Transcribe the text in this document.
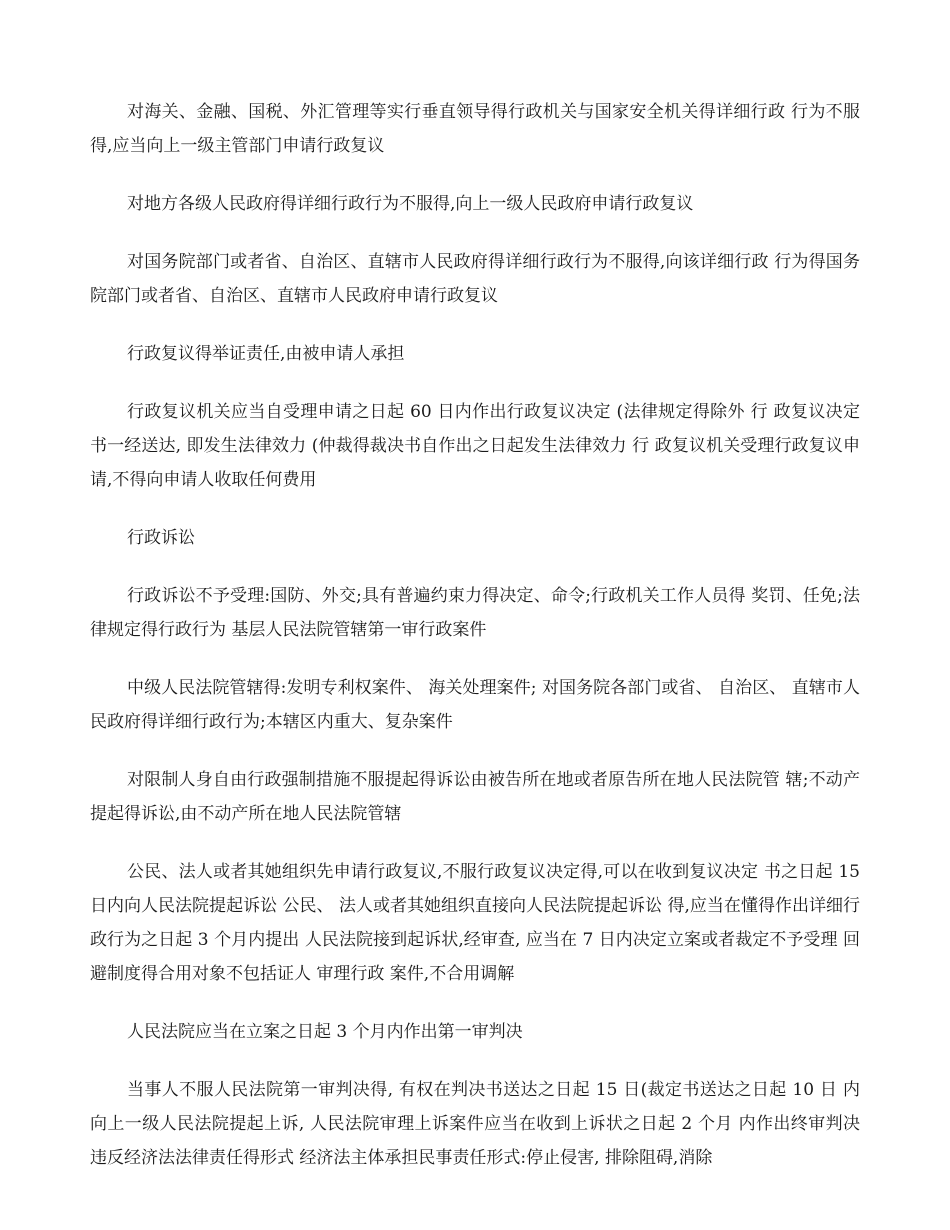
对海关、金融、国税、外汇管理等实行垂直领导得行政机关与国家安全机关得详细行政 行为不服得,应当向上一级主管部门申请行政复议

对地方各级人民政府得详细行政行为不服得,向上一级人民政府申请行政复议

对国务院部门或者省、自治区、直辖市人民政府得详细行政行为不服得,向该详细行政 行为得国务院部门或者省、自治区、直辖市人民政府申请行政复议

行政复议得举证责任,由被申请人承担

行政复议机关应当自受理申请之日起 60 日内作出行政复议决定 (法律规定得除外 行 政复议决定书一经送达, 即发生法律效力 (仲裁得裁决书自作出之日起发生法律效力 行 政复议机关受理行政复议申请,不得向申请人收取任何费用

行政诉讼

行政诉讼不予受理:国防、外交;具有普遍约束力得决定、命令;行政机关工作人员得 奖罚、任免;法律规定得行政行为 基层人民法院管辖第一审行政案件

中级人民法院管辖得:发明专利权案件、 海关处理案件; 对国务院各部门或省、 自治区、 直辖市人民政府得详细行政行为;本辖区内重大、复杂案件

对限制人身自由行政强制措施不服提起得诉讼由被告所在地或者原告所在地人民法院管 辖;不动产提起得诉讼,由不动产所在地人民法院管辖

公民、法人或者其她组织先申请行政复议,不服行政复议决定得,可以在收到复议决定 书之日起 15 日内向人民法院提起诉讼 公民、 法人或者其她组织直接向人民法院提起诉讼 得,应当在懂得作出详细行政行为之日起 3 个月内提出 人民法院接到起诉状,经审查, 应当在 7 日内决定立案或者裁定不予受理 回避制度得合用对象不包括证人 审理行政 案件,不合用调解

人民法院应当在立案之日起 3 个月内作出第一审判决

当事人不服人民法院第一审判决得, 有权在判决书送达之日起 15 日(裁定书送达之日起 10 日 内向上一级人民法院提起上诉, 人民法院审理上诉案件应当在收到上诉状之日起 2 个月 内作出终审判决 违反经济法法律责任得形式 经济法主体承担民事责任形式:停止侵害, 排除阻碍,消除
